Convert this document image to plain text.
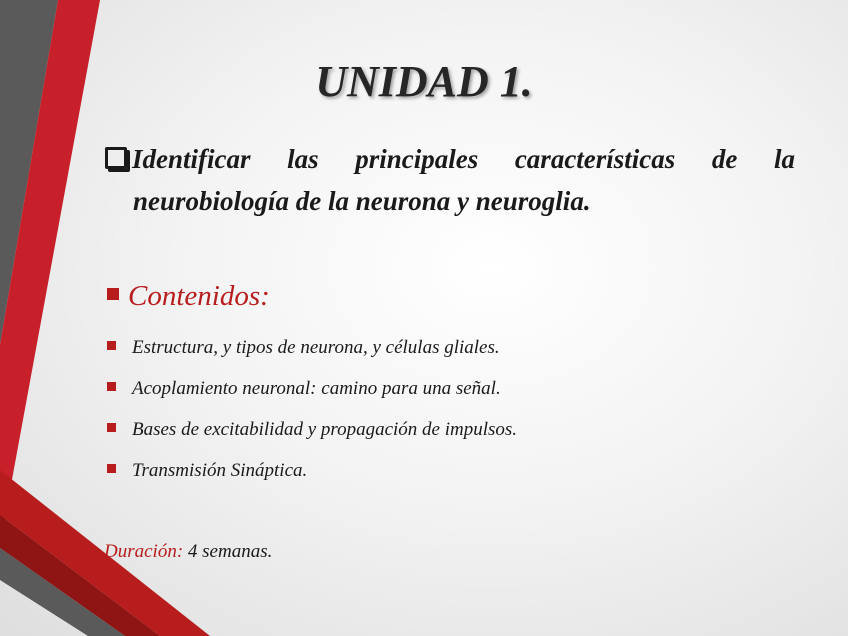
UNIDAD 1.
Identificar las principales características de la
neurobiología de la neurona y neuroglia.
Contenidos:
Estructura, y tipos de neurona, y células gliales.
Acoplamiento neuronal: camino para una señal.
Bases de excitabilidad y propagación de impulsos.
Transmisión Sináptica.
Duración: 4 semanas.
